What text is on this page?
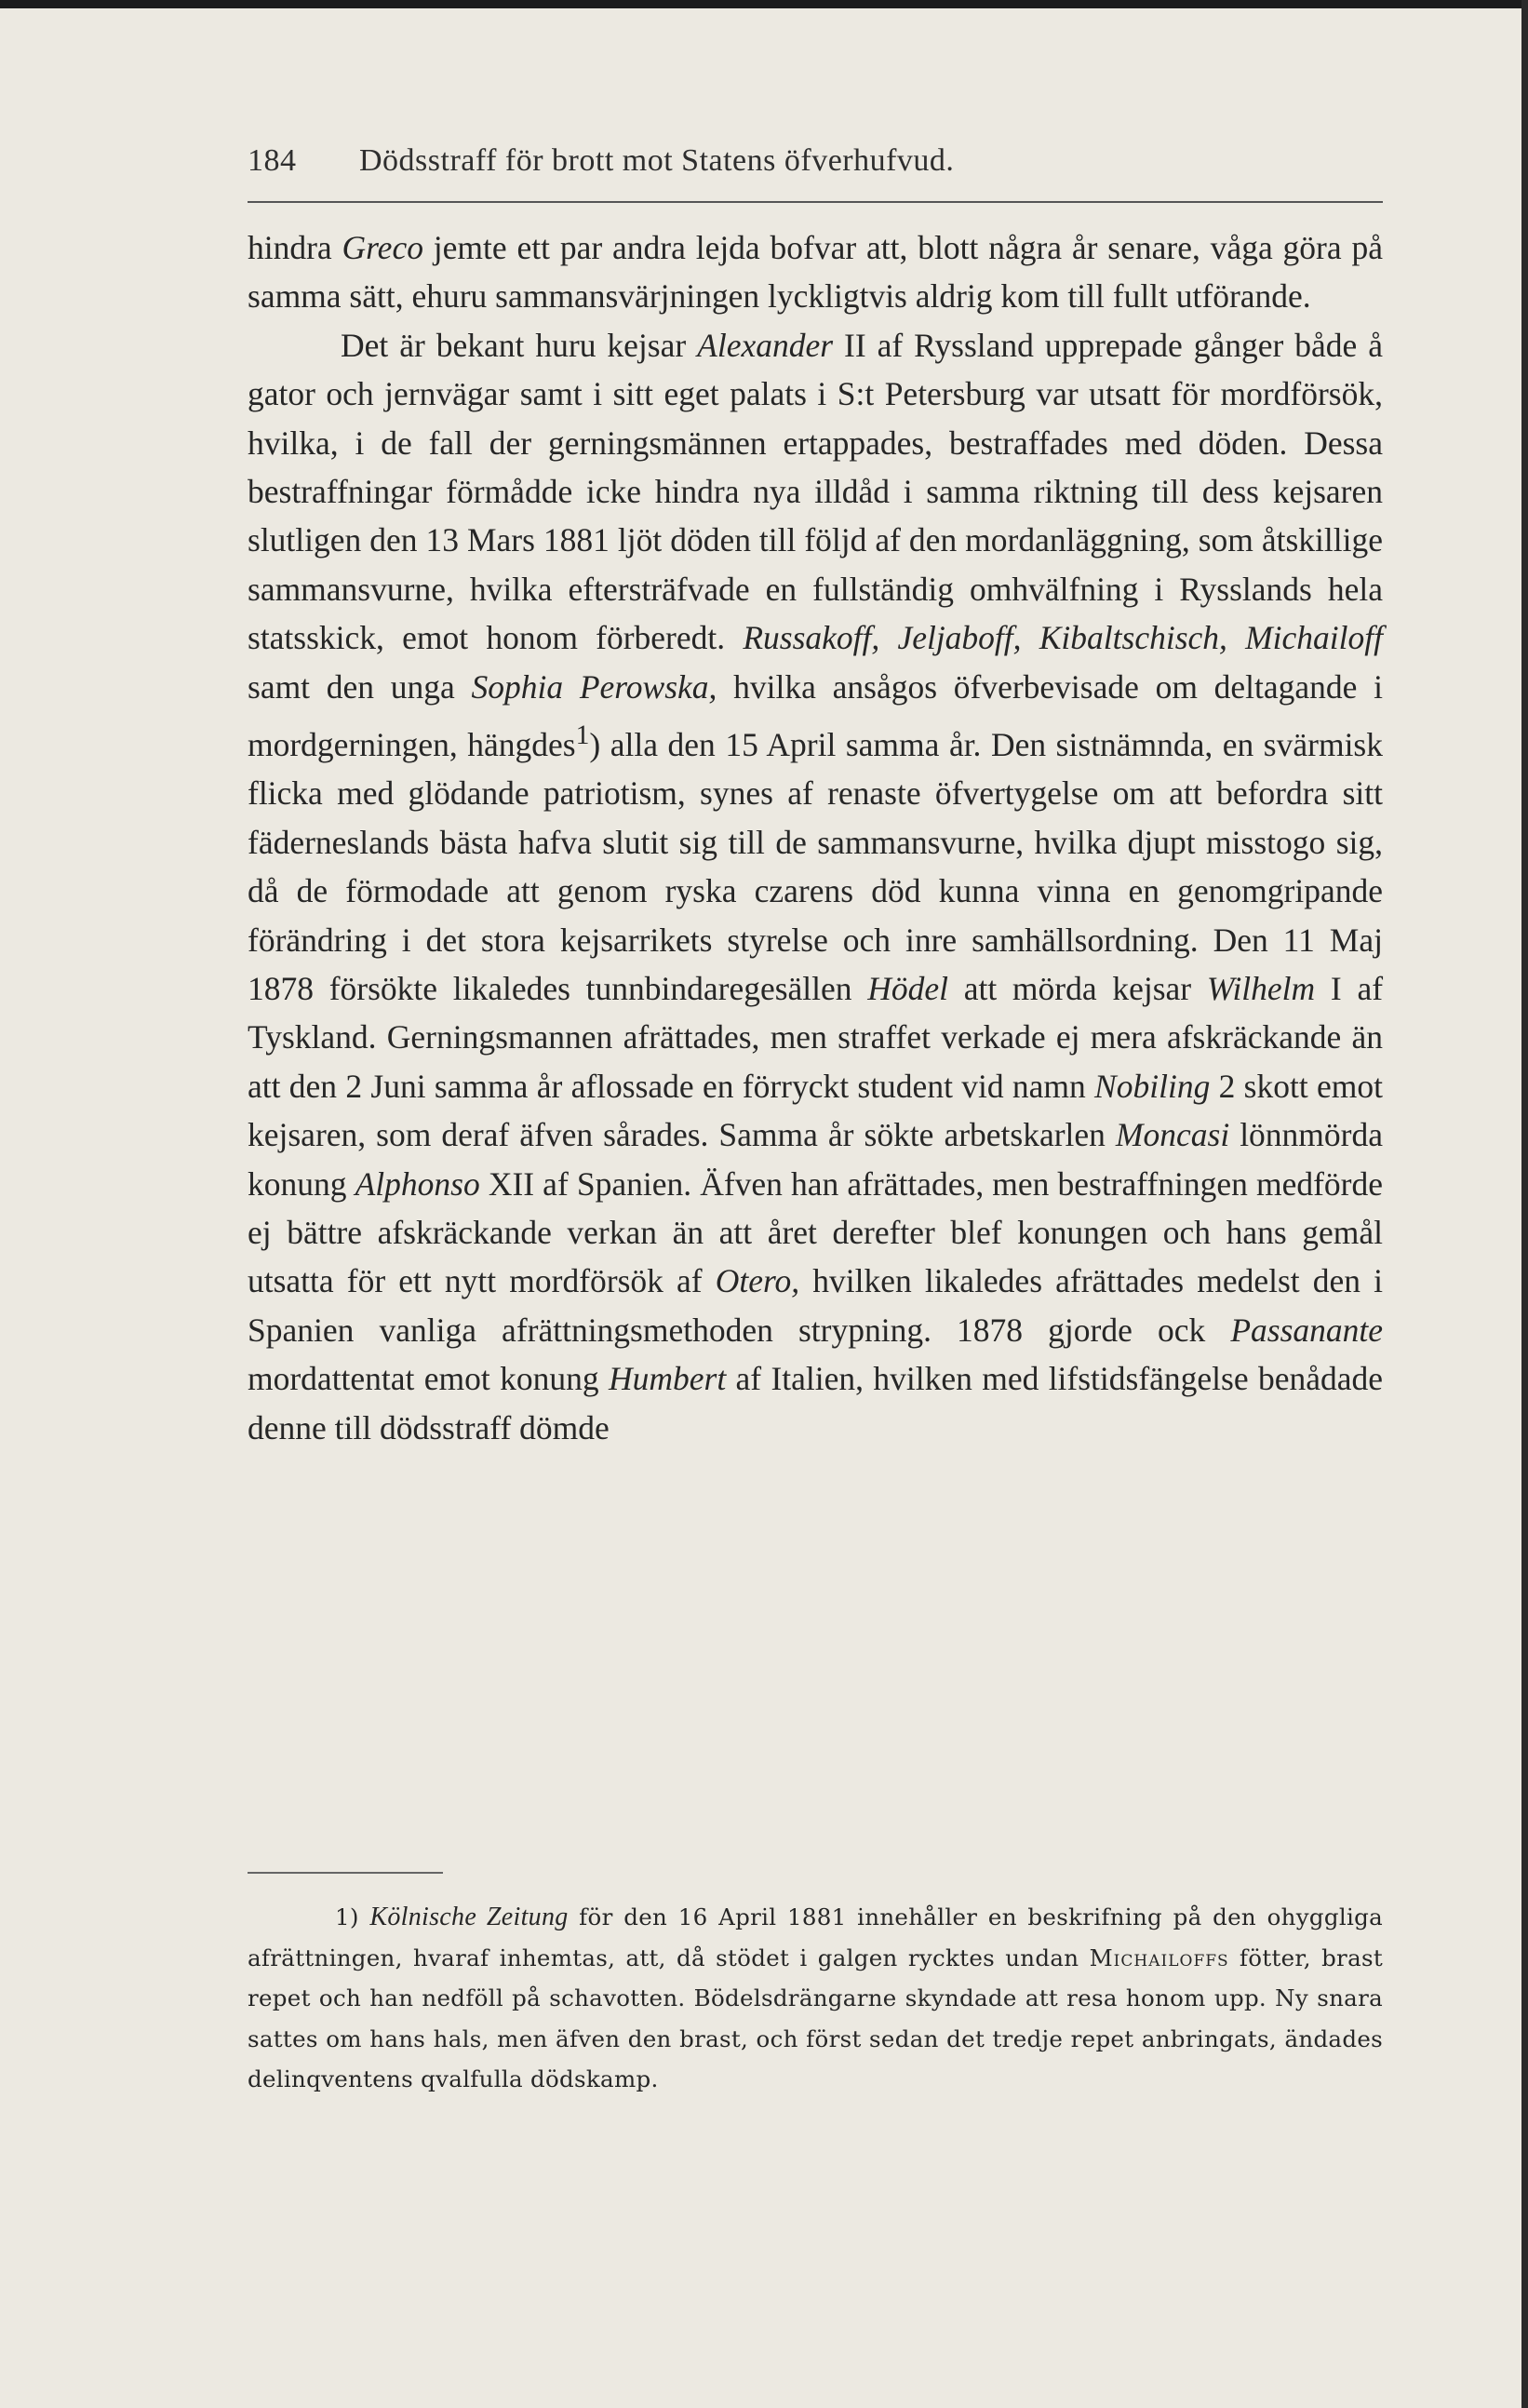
184 Dödsstraff för brott mot Statens öfverhufvud.

hindra Greco jemte ett par andra lejda bofvar att, blott några år senare, våga göra på samma sätt, ehuru sammansvärjningen lyckligtvis aldrig kom till fullt utförande.

Det är bekant huru kejsar Alexander II af Ryssland upprepade gånger både å gator och jernvägar samt i sitt eget palats i S:t Petersburg var utsatt för mordförsök, hvilka, i de fall der gerningsmännen ertappades, bestraffades med döden. Dessa bestraffningar förmådde icke hindra nya illdåd i samma riktning till dess kejsaren slutligen den 13 Mars 1881 ljöt döden till följd af den mordanläggning, som åtskillige sammansvurne, hvilka eftersträfvade en fullständig omhvälfning i Rysslands hela statsskick, emot honom förberedt. Russakoff, Jeljaboff, Kibaltschisch, Michailoff samt den unga Sophia Perowska, hvilka ansågos öfverbevisade om deltagande i mordgerningen, hängdes$^1$) alla den 15 April samma år. Den sistnämnda, en svärmisk flicka med glödande patriotism, synes af renaste öfvertygelse om att befordra sitt fäderneslands bästa hafva slutit sig till de sammansvurne, hvilka djupt misstogo sig, då de förmodade att genom ryska czarens död kunna vinna en genomgripande förändring i det stora kejsarrikets styrelse och inre samhällsordning. Den 11 Maj 1878 försökte likaledes tunnbindaregesällen Hödel att mörda kejsar Wilhelm I af Tyskland. Gerningsmannen afrättades, men straffet verkade ej mera afskräckande än att den 2 Juni samma år aflossade en förryckt student vid namn Nobiling 2 skott emot kejsaren, som deraf äfven sårades. Samma år sökte arbetskarlen Moncasi lönnmörda konung Alphonso XII af Spanien. Äfven han afrättades, men bestraffningen medförde ej bättre afskräckande verkan än att året derefter blef konungen och hans gemål utsatta för ett nytt mordförsök af Otero, hvilken likaledes afrättades medelst den i Spanien vanliga afrättningsmethoden strypning. 1878 gjorde ock Passanante mordattentat emot konung Humbert af Italien, hvilken med lifstidsfängelse benådade denne till dödsstraff dömde

1) Kölnische Zeitung för den 16 April 1881 innehåller en beskrifning på den ohyggliga afrättningen, hvaraf inhemtas, att, då stödet i galgen rycktes undan Michailoffs fötter, brast repet och han nedföll på schavotten. Bödelsdrängarne skyndade att resa honom upp. Ny snara sattes om hans hals, men äfven den brast, och först sedan det tredje repet anbringats, ändades delinqventens qvalfulla dödskamp.
